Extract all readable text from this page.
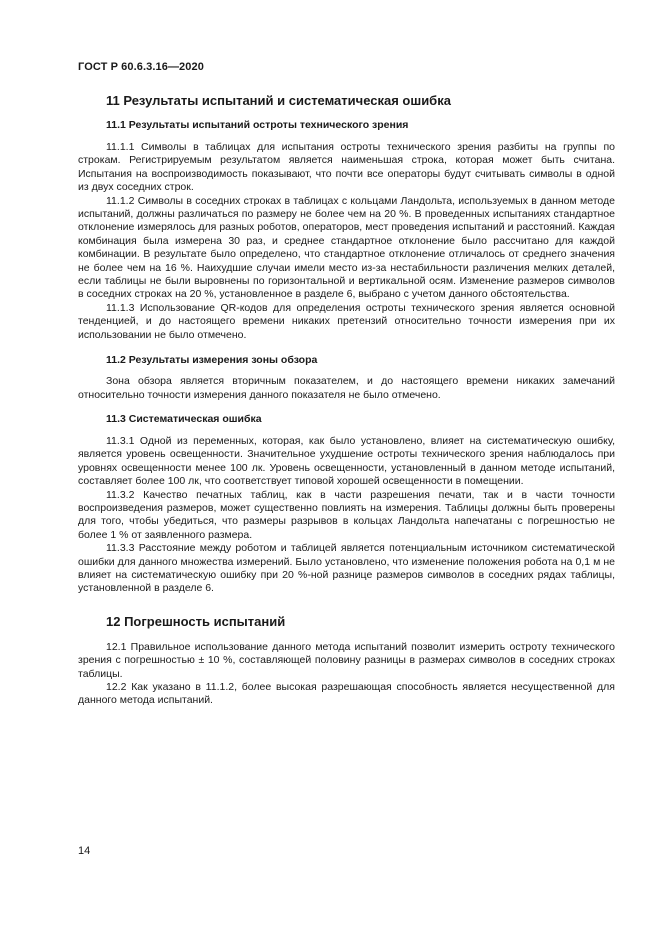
ГОСТ Р 60.6.3.16—2020
11 Результаты испытаний и систематическая ошибка
11.1 Результаты испытаний остроты технического зрения

11.1.1 Символы в таблицах для испытания остроты технического зрения разбиты на группы по строкам. Регистрируемым результатом является наименьшая строка, которая может быть считана. Испытания на воспроизводимость показывают, что почти все операторы будут считывать символы в одной из двух соседних строк.

11.1.2 Символы в соседних строках в таблицах с кольцами Ландольта, используемых в данном методе испытаний, должны различаться по размеру не более чем на 20 %. В проведенных испытаниях стандартное отклонение измерялось для разных роботов, операторов, мест проведения испытаний и расстояний. Каждая комбинация была измерена 30 раз, и среднее стандартное отклонение было рассчитано для каждой комбинации. В результате было определено, что стандартное отклонение отличалось от среднего значения не более чем на 16 %. Наихудшие случаи имели место из-за нестабильности различения мелких деталей, если таблицы не были выровнены по горизонтальной и вертикальной осям. Изменение размеров символов в соседних строках на 20 %, установленное в разделе 6, выбрано с учетом данного обстоятельства.

11.1.3 Использование QR-кодов для определения остроты технического зрения является основной тенденцией, и до настоящего времени никаких претензий относительно точности измерения при их использовании не было отмечено.

11.2 Результаты измерения зоны обзора

Зона обзора является вторичным показателем, и до настоящего времени никаких замечаний относительно точности измерения данного показателя не было отмечено.

11.3 Систематическая ошибка

11.3.1 Одной из переменных, которая, как было установлено, влияет на систематическую ошибку, является уровень освещенности. Значительное ухудшение остроты технического зрения наблюдалось при уровнях освещенности менее 100 лк. Уровень освещенности, установленный в данном методе испытаний, составляет более 100 лк, что соответствует типовой хорошей освещенности в помещении.

11.3.2 Качество печатных таблиц, как в части разрешения печати, так и в части точности воспроизведения размеров, может существенно повлиять на измерения. Таблицы должны быть проверены для того, чтобы убедиться, что размеры разрывов в кольцах Ландольта напечатаны с погрешностью не более 1 % от заявленного размера.

11.3.3 Расстояние между роботом и таблицей является потенциальным источником систематической ошибки для данного множества измерений. Было установлено, что изменение положения робота на 0,1 м не влияет на систематическую ошибку при 20 %-ной разнице размеров символов в соседних рядах таблицы, установленной в разделе 6.

12 Погрешность испытаний

12.1 Правильное использование данного метода испытаний позволит измерить остроту технического зрения с погрешностью ± 10 %, составляющей половину разницы в размерах символов в соседних строках таблицы.

12.2 Как указано в 11.1.2, более высокая разрешающая способность является несущественной для данного метода испытаний.

14
